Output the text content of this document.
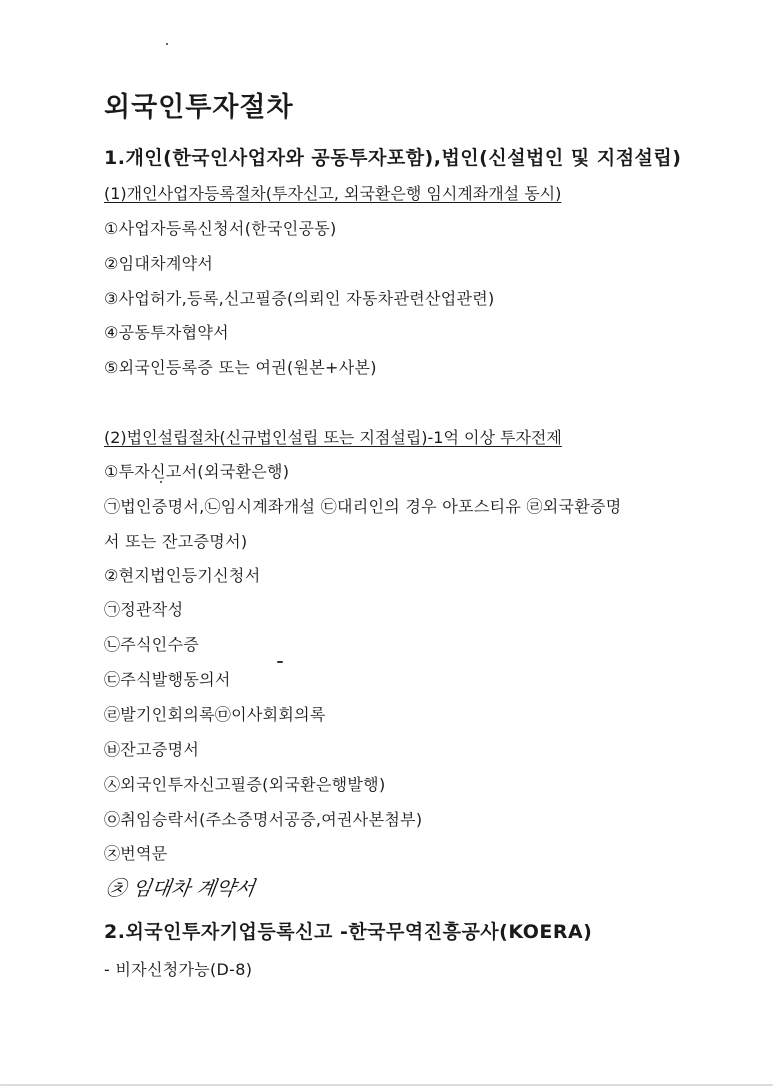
외국인투자절차
1.개인(한국인사업자와 공동투자포함),법인(신설법인 및 지점설립)
(1)개인사업자등록절차(투자신고, 외국환은행 임시계좌개설 동시)
①사업자등록신청서(한국인공동)
②임대차계약서
③사업허가,등록,신고필증(의뢰인 자동차관련산업관련)
④공동투자협약서
⑤외국인등록증 또는 여권(원본+사본)
(2)법인설립절차(신규법인설립 또는 지점설립)-1억 이상 투자전제
①투자신고서(외국환은행)
㉠법인증명서,㉡임시계좌개설 ㉢대리인의 경우 아포스티유 ㉣외국환증명
서 또는 잔고증명서)
②현지법인등기신청서
㉠정관작성
㉡주식인수증
㉢주식발행동의서
㉣발기인회의록㉤이사회회의록
㉥잔고증명서
㉦외국인투자신고필증(외국환은행발행)
㉧취임승락서(주소증명서공증,여권사본첨부)
㉨번역문
㉩ 임대차 계약서
2.외국인투자기업등록신고 -한국무역진흥공사(KOERA)
- 비자신청가능(D-8)
